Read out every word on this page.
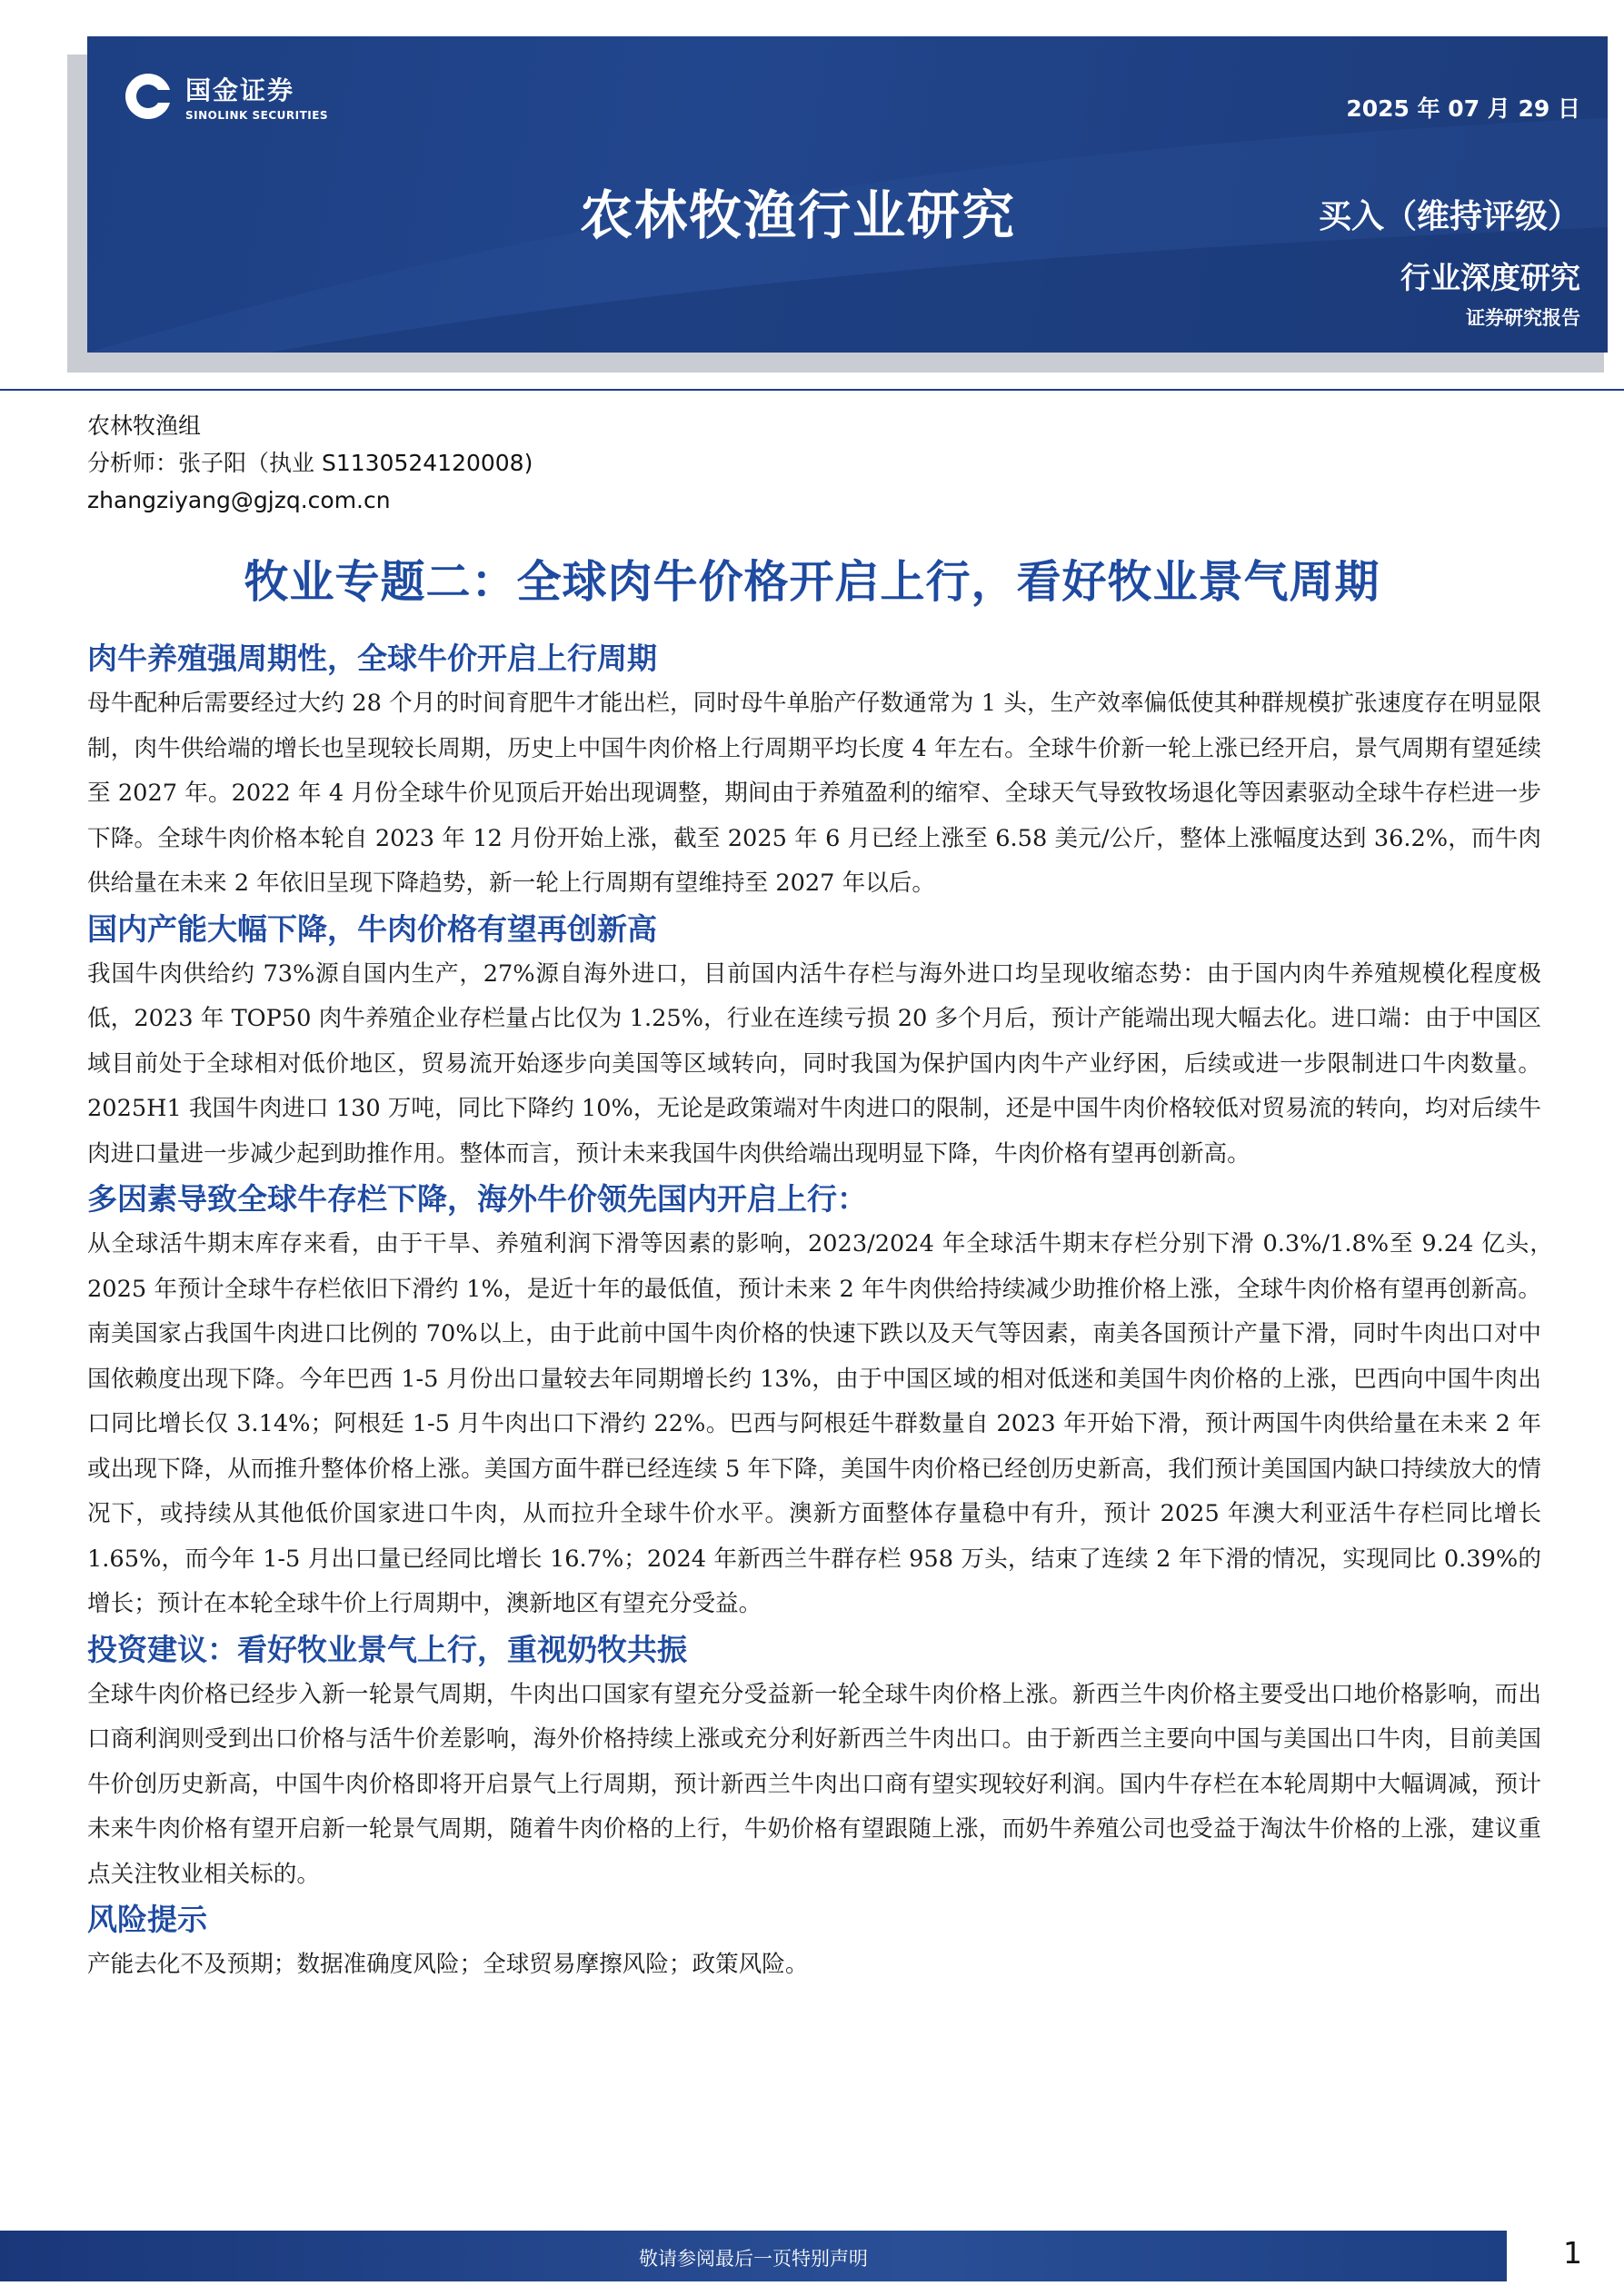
国金证券
SINOLINK SECURITIES	2025 年 07 月 29 日
农林牧渔行业研究	买入（维持评级）
行业深度研究
证券研究报告
农林牧渔组
分析师：张子阳（执业 S1130524120008)
zhangziyang@gjzq.com.cn
牧业专题二：全球肉牛价格开启上行，看好牧业景气周期
肉牛养殖强周期性，全球牛价开启上行周期

母牛配种后需要经过大约 28 个月的时间育肥牛才能出栏，同时母牛单胎产仔数通常为 1 头，生产效率偏低使其种群规模扩张速度存在明显限制，肉牛供给端的增长也呈现较长周期，历史上中国牛肉价格上行周期平均长度 4 年左右。全球牛价新一轮上涨已经开启，景气周期有望延续至 2027 年。2022 年 4 月份全球牛价见顶后开始出现调整，期间由于养殖盈利的缩窄、全球天气导致牧场退化等因素驱动全球牛存栏进一步下降。全球牛肉价格本轮自 2023 年 12 月份开始上涨，截至 2025 年 6 月已经上涨至 6.58 美元/公斤，整体上涨幅度达到 36.2%，而牛肉供给量在未来 2 年依旧呈现下降趋势，新一轮上行周期有望维持至 2027 年以后。

国内产能大幅下降，牛肉价格有望再创新高

我国牛肉供给约 73%源自国内生产，27%源自海外进口，目前国内活牛存栏与海外进口均呈现收缩态势：由于国内肉牛养殖规模化程度极低，2023 年 TOP50 肉牛养殖企业存栏量占比仅为 1.25%，行业在连续亏损 20 多个月后，预计产能端出现大幅去化。进口端：由于中国区域目前处于全球相对低价地区，贸易流开始逐步向美国等区域转向，同时我国为保护国内肉牛产业纾困，后续或进一步限制进口牛肉数量。2025H1 我国牛肉进口 130 万吨，同比下降约 10%，无论是政策端对牛肉进口的限制，还是中国牛肉价格较低对贸易流的转向，均对后续牛肉进口量进一步减少起到助推作用。整体而言，预计未来我国牛肉供给端出现明显下降，牛肉价格有望再创新高。

多因素导致全球牛存栏下降，海外牛价领先国内开启上行：

从全球活牛期末库存来看，由于干旱、养殖利润下滑等因素的影响，2023/2024 年全球活牛期末存栏分别下滑 0.3%/1.8%至 9.24 亿头，　2025 年预计全球牛存栏依旧下滑约 1%，是近十年的最低值，预计未来 2 年牛肉供给持续减少助推价格上涨，全球牛肉价格有望再创新高。南美国家占我国牛肉进口比例的 70%以上，由于此前中国牛肉价格的快速下跌以及天气等因素，南美各国预计产量下滑，同时牛肉出口对中国依赖度出现下降。今年巴西 1-5 月份出口量较去年同期增长约 13%，由于中国区域的相对低迷和美国牛肉价格的上涨，巴西向中国牛肉出口同比增长仅 3.14%；阿根廷 1-5 月牛肉出口下滑约 22%。巴西与阿根廷牛群数量自 2023 年开始下滑，预计两国牛肉供给量在未来 2 年或出现下降，从而推升整体价格上涨。美国方面牛群已经连续 5 年下降，美国牛肉价格已经创历史新高，我们预计美国国内缺口持续放大的情况下，或持续从其他低价国家进口牛肉，从而拉升全球牛价水平。澳新方面整体存量稳中有升，预计 2025 年澳大利亚活牛存栏同比增长 1.65%，而今年 1-5 月出口量已经同比增长 16.7%；2024 年新西兰牛群存栏 958 万头，结束了连续 2 年下滑的情况，实现同比 0.39%的增长；预计在本轮全球牛价上行周期中，澳新地区有望充分受益。

投资建议：看好牧业景气上行，重视奶牧共振

全球牛肉价格已经步入新一轮景气周期，牛肉出口国家有望充分受益新一轮全球牛肉价格上涨。新西兰牛肉价格主要受出口地价格影响，而出口商利润则受到出口价格与活牛价差影响，海外价格持续上涨或充分利好新西兰牛肉出口。由于新西兰主要向中国与美国出口牛肉，目前美国牛价创历史新高，中国牛肉价格即将开启景气上行周期，预计新西兰牛肉出口商有望实现较好利润。国内牛存栏在本轮周期中大幅调减，预计未来牛肉价格有望开启新一轮景气周期，随着牛肉价格的上行，牛奶价格有望跟随上涨，而奶牛养殖公司也受益于淘汰牛价格的上涨，建议重点关注牧业相关标的。

风险提示

产能去化不及预期；数据准确度风险；全球贸易摩擦风险；政策风险。

敬请参阅最后一页特别声明	1
